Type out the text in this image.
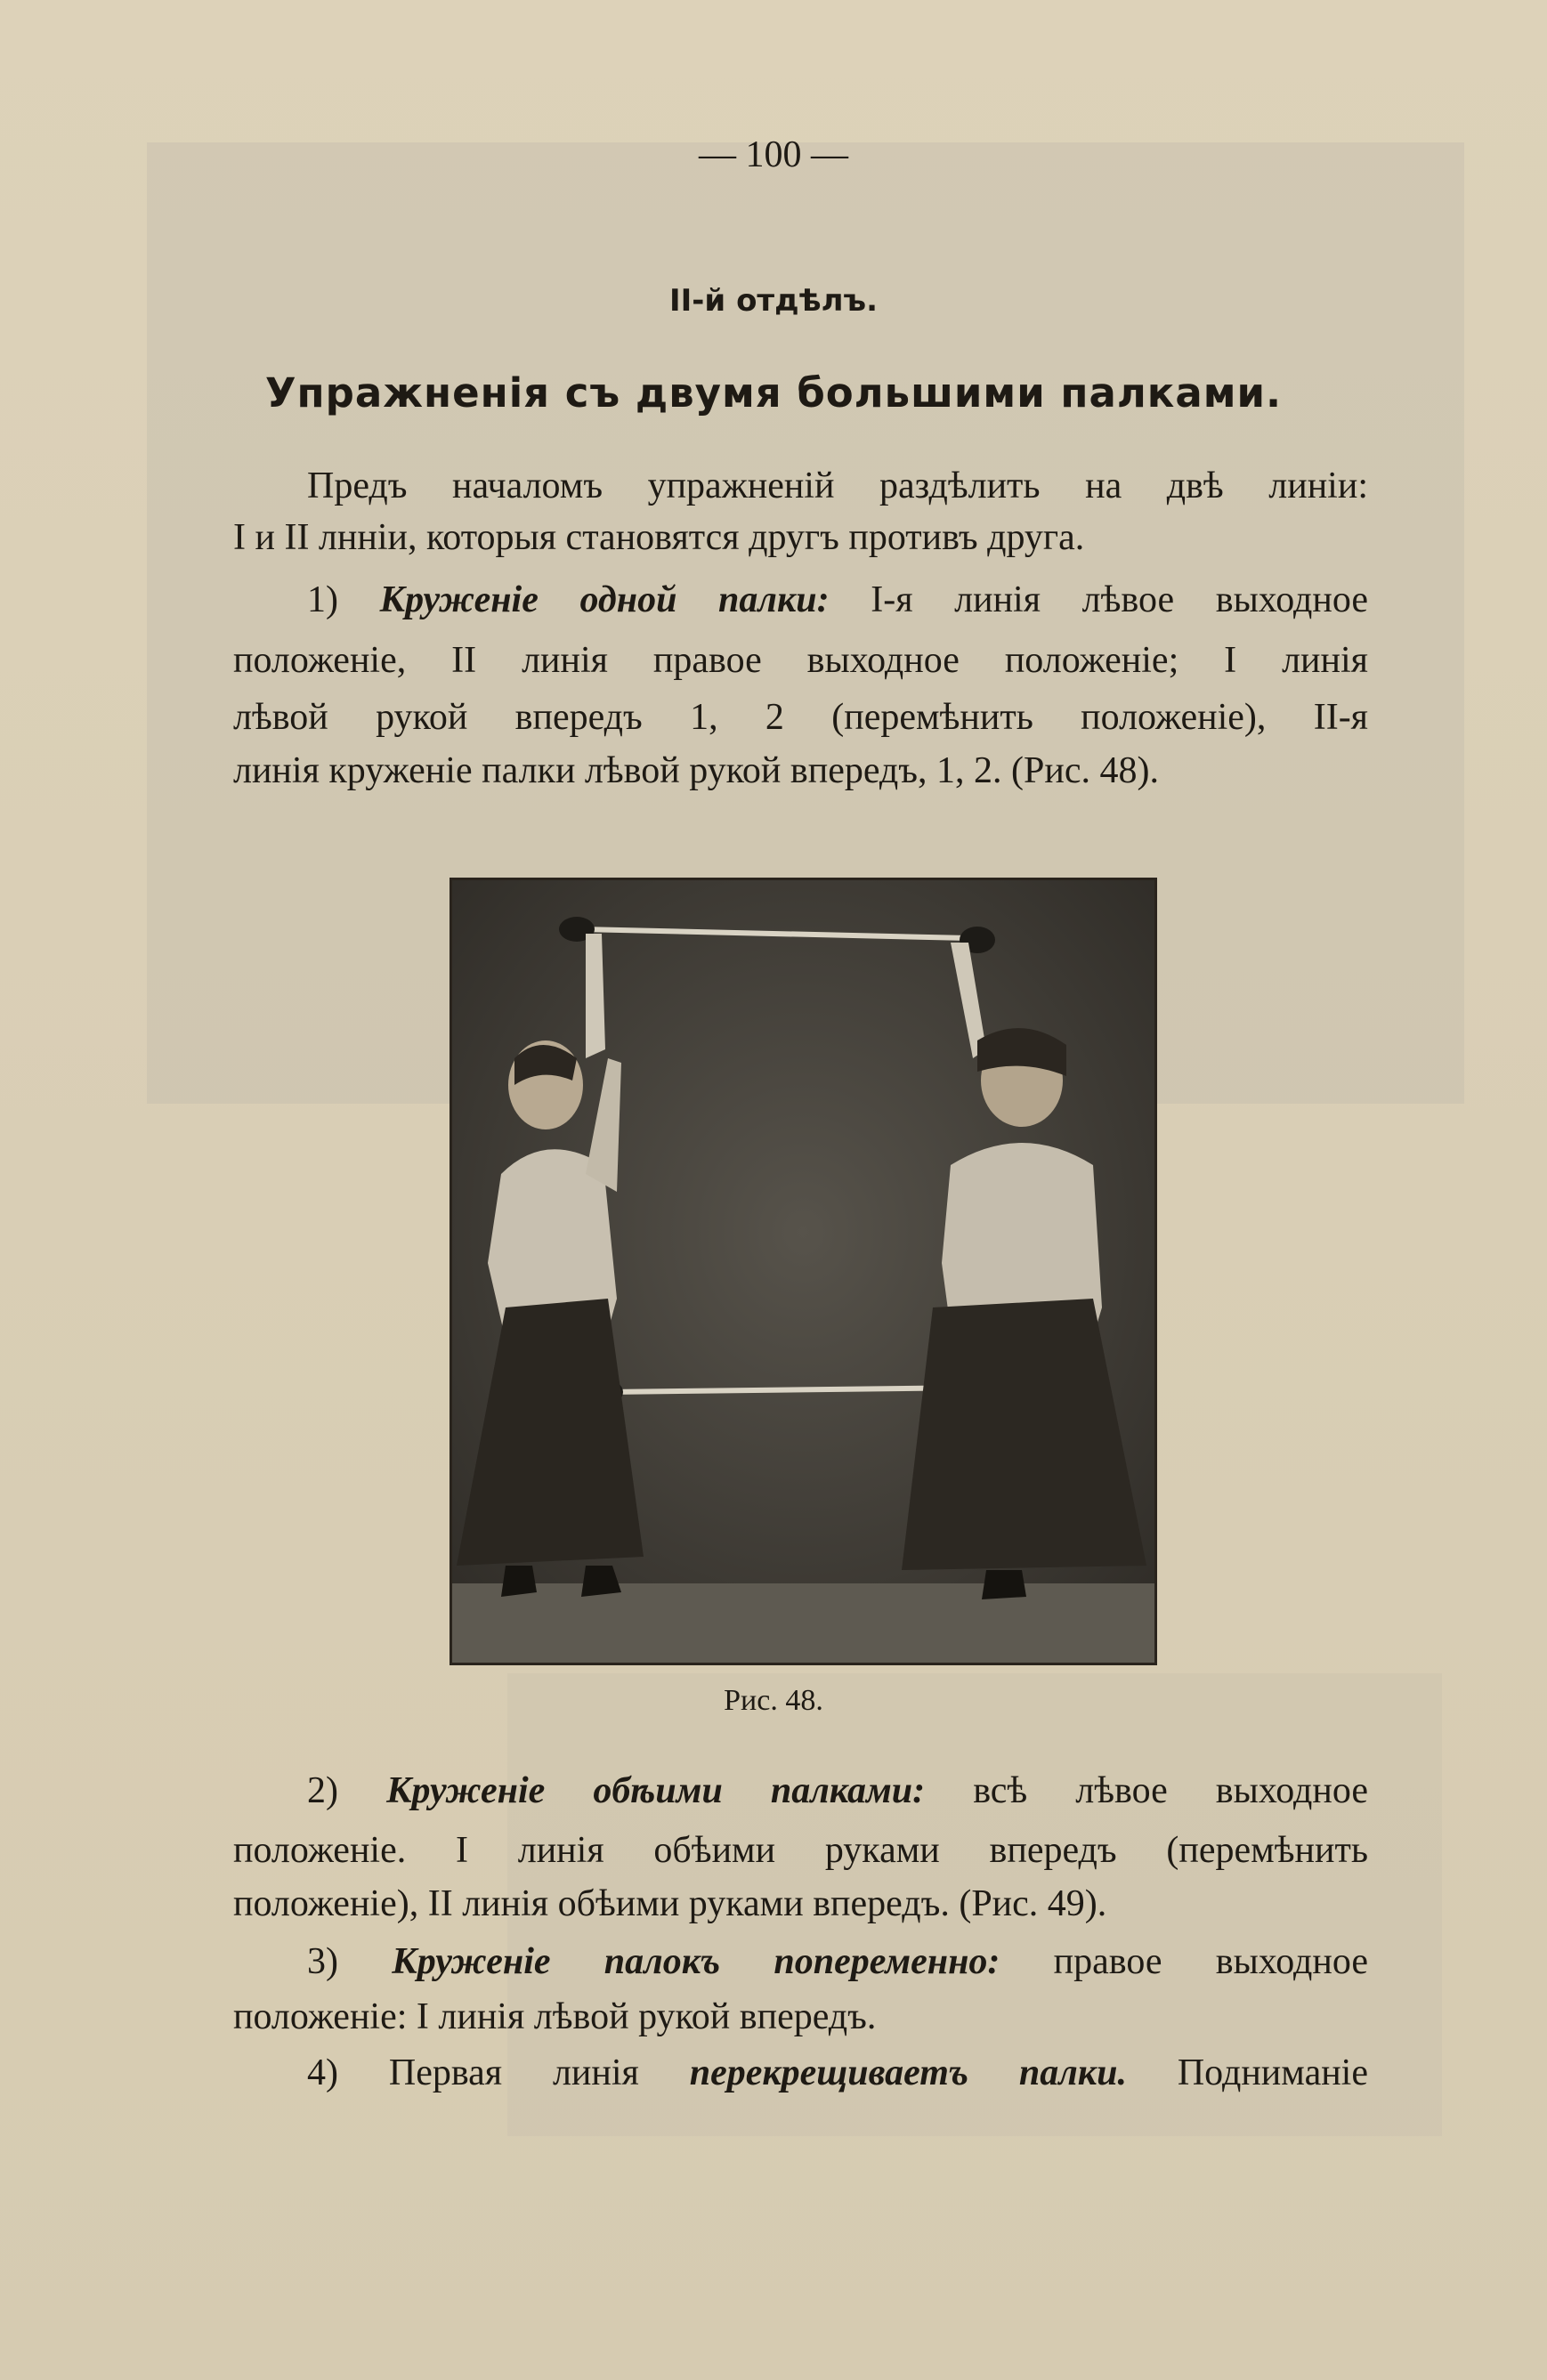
— 100 —
II-й отдѣлъ.
Упражненія съ двумя большими палками.
Предъ началомъ упражненій раздѣлить на двѣ линіи:
I и II лнніи, которыя становятся другъ противъ друга.
1) Круженіе одной палки: I-я линія лѣвое выходное
положеніе, II линія правое выходное положеніе; I линія
лѣвой рукой впередъ 1, 2 (перемѣнить положеніе), II-я
линія круженіе палки лѣвой рукой впередъ, 1, 2. (Рис. 48).
Рис. 48.
2) Круженіе обѣими палками: всѣ лѣвое выходное
положеніе. I линія обѣими руками впередъ (перемѣнить
положеніе), II линія обѣими руками впередъ. (Рис. 49).
3) Круженіе палокъ попеременно: правое выходное
положеніе: I линія лѣвой рукой впередъ.
4) Первая линія перекрещиваетъ палки. Подниманіе
